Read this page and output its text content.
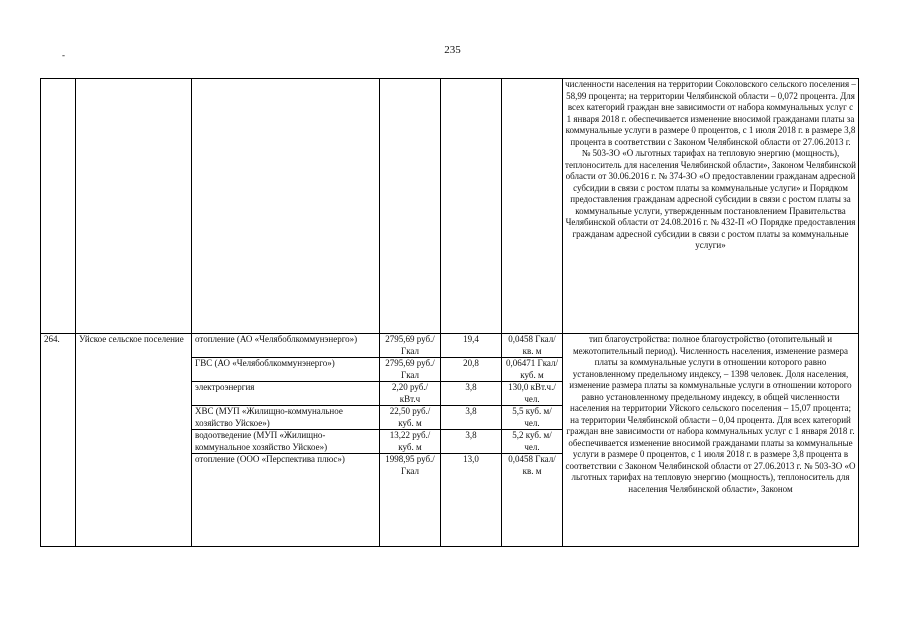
235
-
						численности населения на территории Соколовского сельского поселения – 58,99 процента; на территории Челябинской области – 0,072 процента. Для всех категорий граждан вне зависимости от набора коммунальных услуг с 1 января 2018 г. обеспечивается изменение вносимой гражданами платы за коммунальные услуги в размере 0 процентов, с 1 июля 2018 г. в размере 3,8 процента в соответствии с Законом Челябинской области от 27.06.2013 г. № 503-ЗО «О льготных тарифах на тепловую энергию (мощность), теплоноситель для населения Челябинской области», Законом Челябинской области от 30.06.2016 г. № 374-ЗО «О предоставлении гражданам адресной субсидии в связи с ростом платы за коммунальные услуги» и Порядком предоставления гражданам адресной субсидии в связи с ростом платы за коммунальные услуги, утвержденным постановлением Правительства Челябинской области от 24.08.2016 г. № 432-П «О Порядке предоставления гражданам адресной субсидии в связи с ростом платы за коммунальные услуги»
264.	Уйское сельское поселение	отопление (АО «Челябоблкоммунэнерго»)	2795,69 руб./Гкал	19,4	0,0458 Гкал/кв. м	тип благоустройства: полное благоустройство (отопительный и межотопительный период). Численность населения, изменение размера платы за коммунальные услуги в отношении которого равно установленному предельному индексу, – 1398 человек. Доля населения, изменение размера платы за коммунальные услуги в отношении которого равно установленному предельному индексу, в общей численности населения на территории Уйского сельского поселения – 15,07 процента; на территории Челябинской области – 0,04 процента. Для всех категорий граждан вне зависимости от набора коммунальных услуг с 1 января 2018 г. обеспечивается изменение вносимой гражданами платы за коммунальные услуги в размере 0 процентов, с 1 июля 2018 г. в размере 3,8 процента в соответствии с Законом Челябинской области от 27.06.2013 г. № 503-ЗО «О льготных тарифах на тепловую энергию (мощность), теплоноситель для населения Челябинской области», Законом
		ГВС (АО «Челябоблкоммунэнерго»)	2795,69 руб./Гкал	20,8	0,06471 Гкал/куб. м	
		электроэнергия	2,20 руб./кВт.ч	3,8	130,0 кВт.ч./чел.	
		ХВС (МУП «Жилищно-коммунальное хозяйство Уйское»)	22,50 руб./куб. м	3,8	5,5 куб. м/чел.	
		водоотведение (МУП «Жилищно-коммунальное хозяйство Уйское»)	13,22 руб./куб. м	3,8	5,2 куб. м/чел.	
		отопление (ООО «Перспектива плюс»)	1998,95 руб./Гкал	13,0	0,0458 Гкал/кв. м	
